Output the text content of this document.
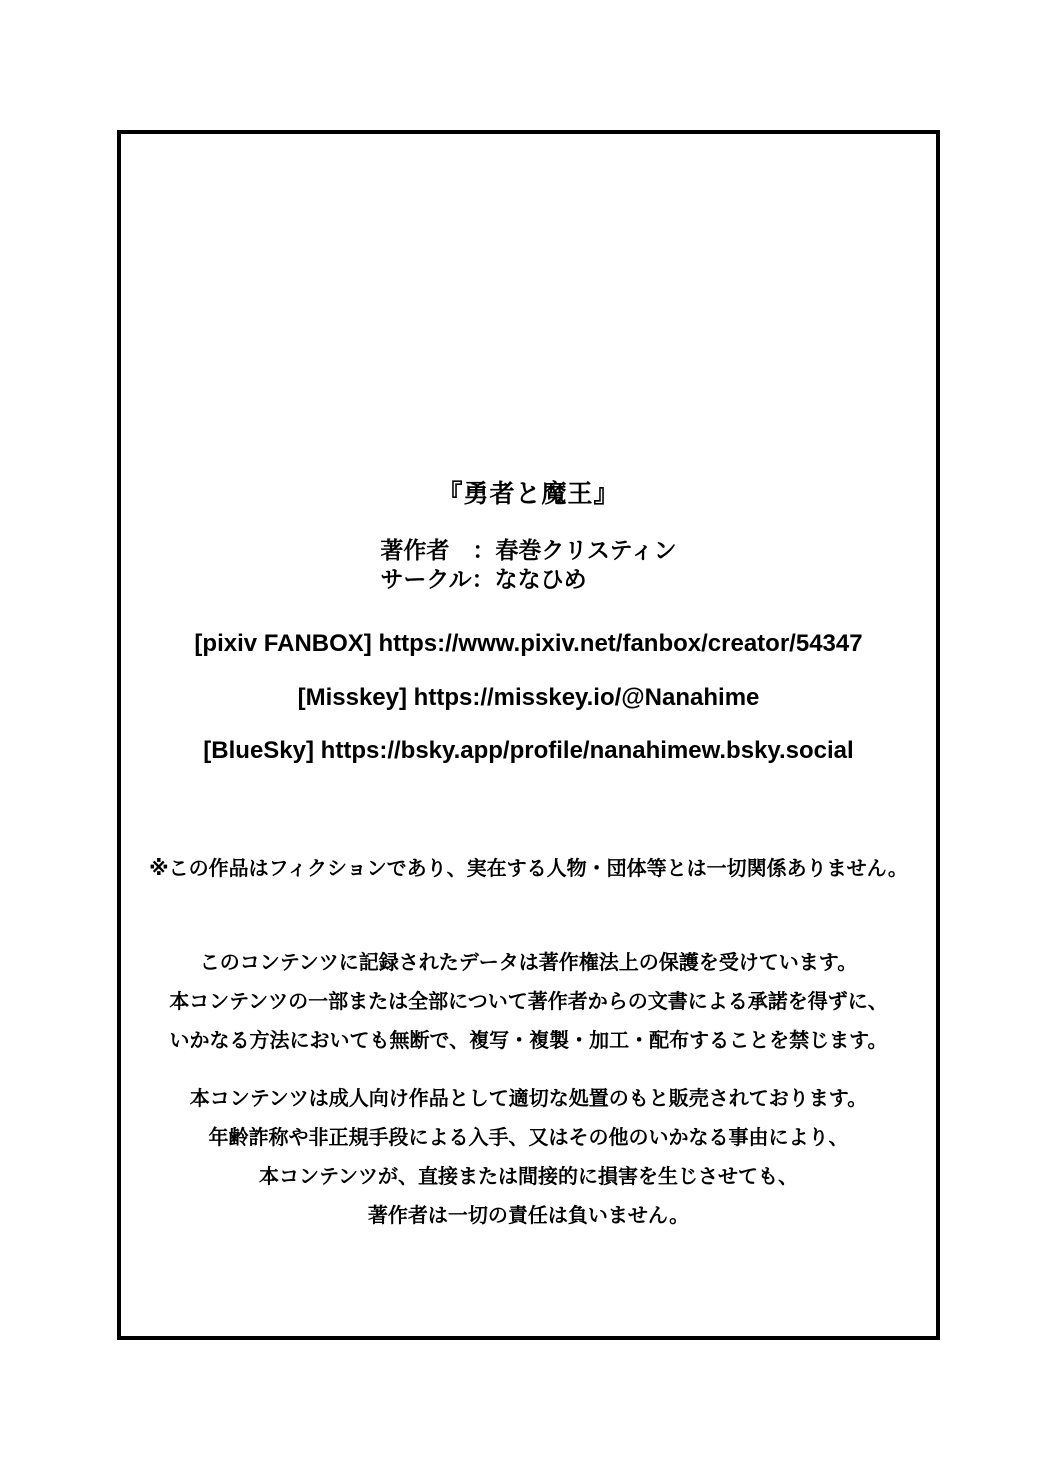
『勇者と魔王』
著作者　：春巻クリスティン
サークル：ななひめ
[pixiv FANBOX] https://www.pixiv.net/fanbox/creator/54347
[Misskey] https://misskey.io/@Nanahime
[BlueSky] https://bsky.app/profile/nanahimew.bsky.social
※この作品はフィクションであり、実在する人物・団体等とは一切関係ありません。
このコンテンツに記録されたデータは著作権法上の保護を受けています。
本コンテンツの一部または全部について著作者からの文書による承諾を得ずに、
いかなる方法においても無断で、複写・複製・加工・配布することを禁じます。
本コンテンツは成人向け作品として適切な処置のもと販売されております。
年齢詐称や非正規手段による入手、又はその他のいかなる事由により、
本コンテンツが、直接または間接的に損害を生じさせても、
著作者は一切の責任は負いません。
